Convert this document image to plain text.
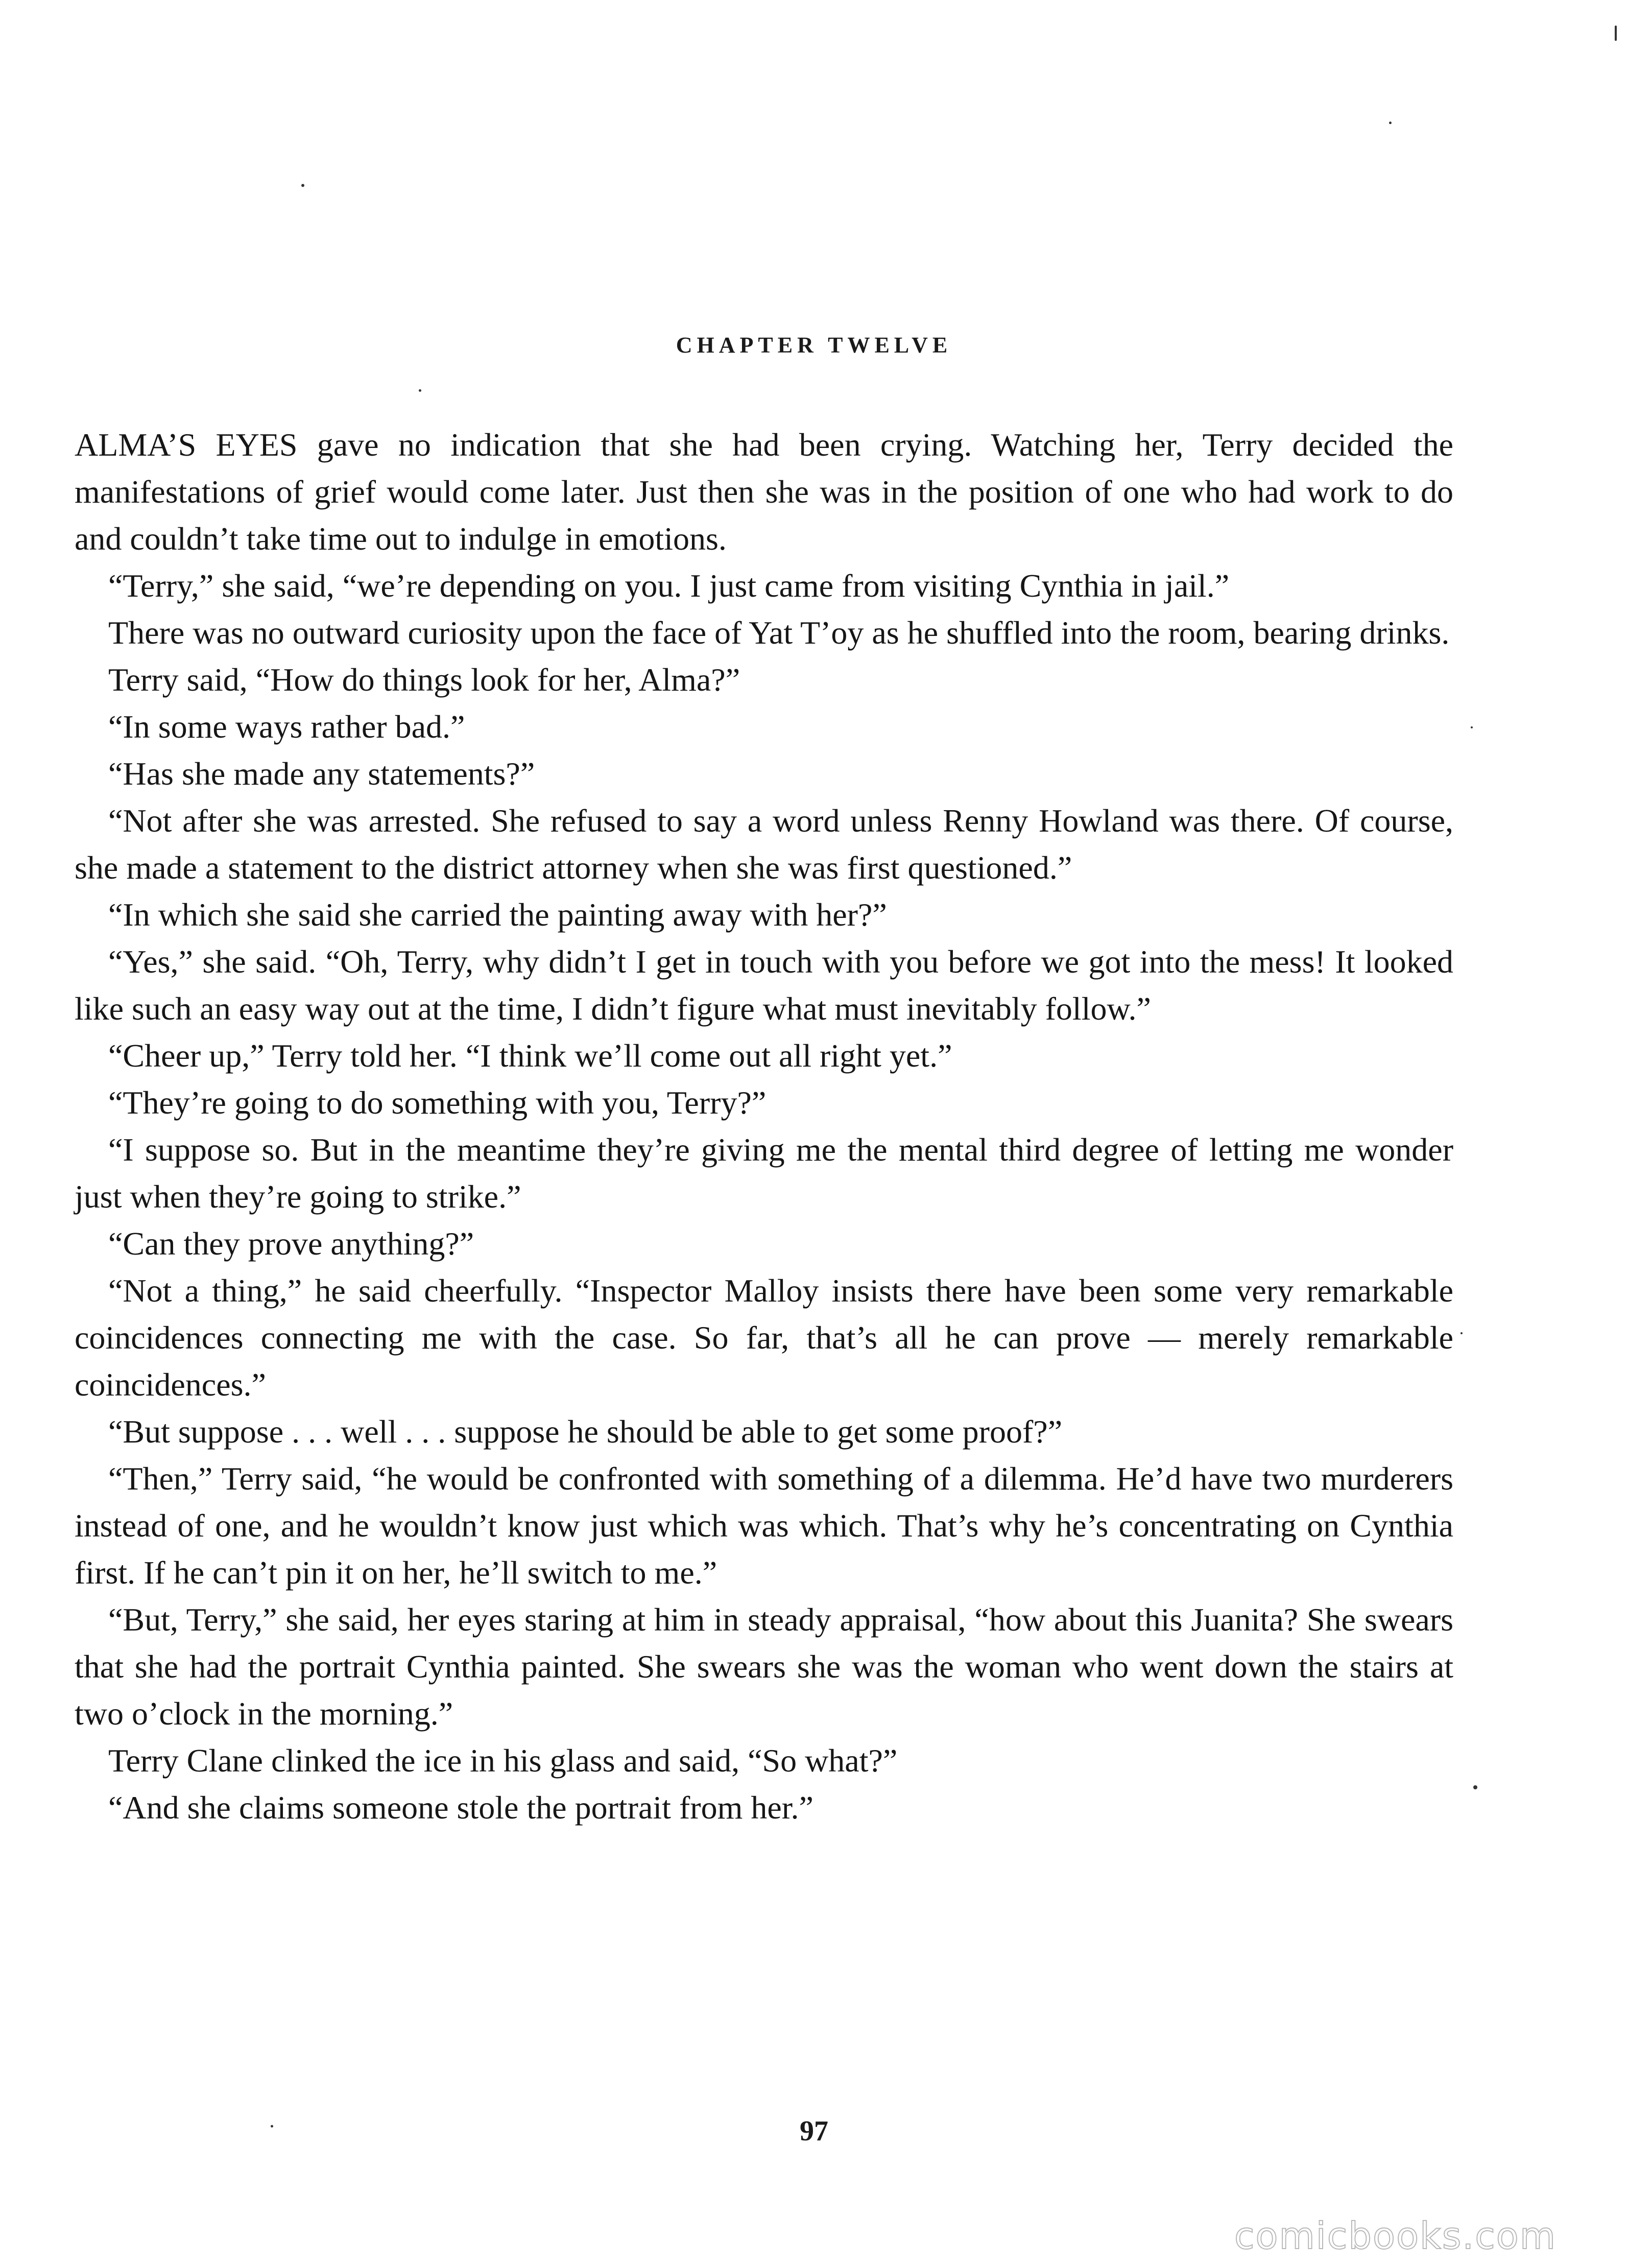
CHAPTER TWELVE

ALMA’S EYES gave no indication that she had been crying. Watching her, Terry decided the manifestations of grief would come later. Just then she was in the position of one who had work to do and couldn’t take time out to indulge in emotions.

“Terry,” she said, “we’re depending on you. I just came from visiting Cynthia in jail.”

There was no outward curiosity upon the face of Yat T’oy as he shuffled into the room, bearing drinks.

Terry said, “How do things look for her, Alma?”

“In some ways rather bad.”

“Has she made any statements?”

“Not after she was arrested. She refused to say a word unless Renny Howland was there. Of course, she made a statement to the district attorney when she was first questioned.”

“In which she said she carried the painting away with her?”

“Yes,” she said. “Oh, Terry, why didn’t I get in touch with you before we got into the mess! It looked like such an easy way out at the time, I didn’t figure what must inevitably follow.”

“Cheer up,” Terry told her. “I think we’ll come out all right yet.”

“They’re going to do something with you, Terry?”

“I suppose so. But in the meantime they’re giving me the mental third degree of letting me wonder just when they’re going to strike.”

“Can they prove anything?”

“Not a thing,” he said cheerfully. “Inspector Malloy insists there have been some very remarkable coincidences connecting me with the case. So far, that’s all he can prove — merely remarkable coincidences.”

“But suppose . . . well . . . suppose he should be able to get some proof?”

“Then,” Terry said, “he would be confronted with something of a dilemma. He’d have two murderers instead of one, and he wouldn’t know just which was which. That’s why he’s concentrating on Cynthia first. If he can’t pin it on her, he’ll switch to me.”

“But, Terry,” she said, her eyes staring at him in steady appraisal, “how about this Juanita? She swears that she had the portrait Cynthia painted. She swears she was the woman who went down the stairs at two o’clock in the morning.”

Terry Clane clinked the ice in his glass and said, “So what?”

“And she claims someone stole the portrait from her.”

97
comicbooks.com
